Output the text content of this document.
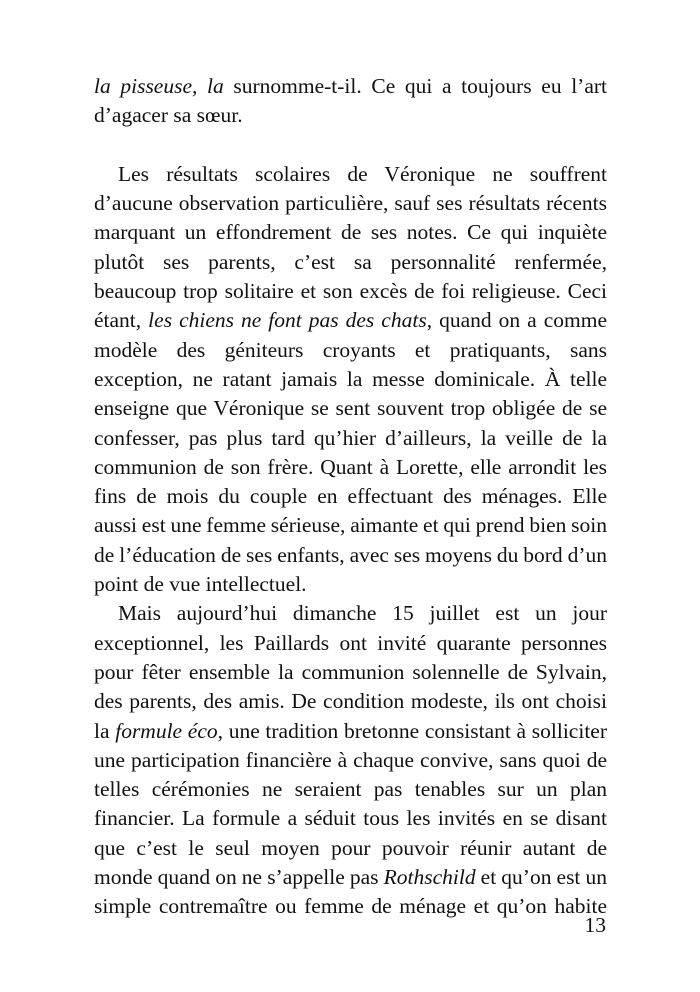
la pisseuse, la surnomme-t-il. Ce qui a toujours eu l’art
d’agacer sa sœur.
Les résultats scolaires de Véronique ne souffrent
d’aucune observation particulière, sauf ses résultats récents
marquant un effondrement de ses notes. Ce qui inquiète
plutôt ses parents, c’est sa personnalité renfermée,
beaucoup trop solitaire et son excès de foi religieuse. Ceci
étant, les chiens ne font pas des chats, quand on a comme
modèle des géniteurs croyants et pratiquants, sans
exception, ne ratant jamais la messe dominicale. À telle
enseigne que Véronique se sent souvent trop obligée de se
confesser, pas plus tard qu’hier d’ailleurs, la veille de la
communion de son frère. Quant à Lorette, elle arrondit les
fins de mois du couple en effectuant des ménages. Elle
aussi est une femme sérieuse, aimante et qui prend bien soin
de l’éducation de ses enfants, avec ses moyens du bord d’un
point de vue intellectuel.
Mais aujourd’hui dimanche 15 juillet est un jour
exceptionnel, les Paillards ont invité quarante personnes
pour fêter ensemble la communion solennelle de Sylvain,
des parents, des amis. De condition modeste, ils ont choisi
la formule éco, une tradition bretonne consistant à solliciter
une participation financière à chaque convive, sans quoi de
telles cérémonies ne seraient pas tenables sur un plan
financier. La formule a séduit tous les invités en se disant
que c’est le seul moyen pour pouvoir réunir autant de
monde quand on ne s’appelle pas Rothschild et qu’on est un
simple contremaître ou femme de ménage et qu’on habite
13
